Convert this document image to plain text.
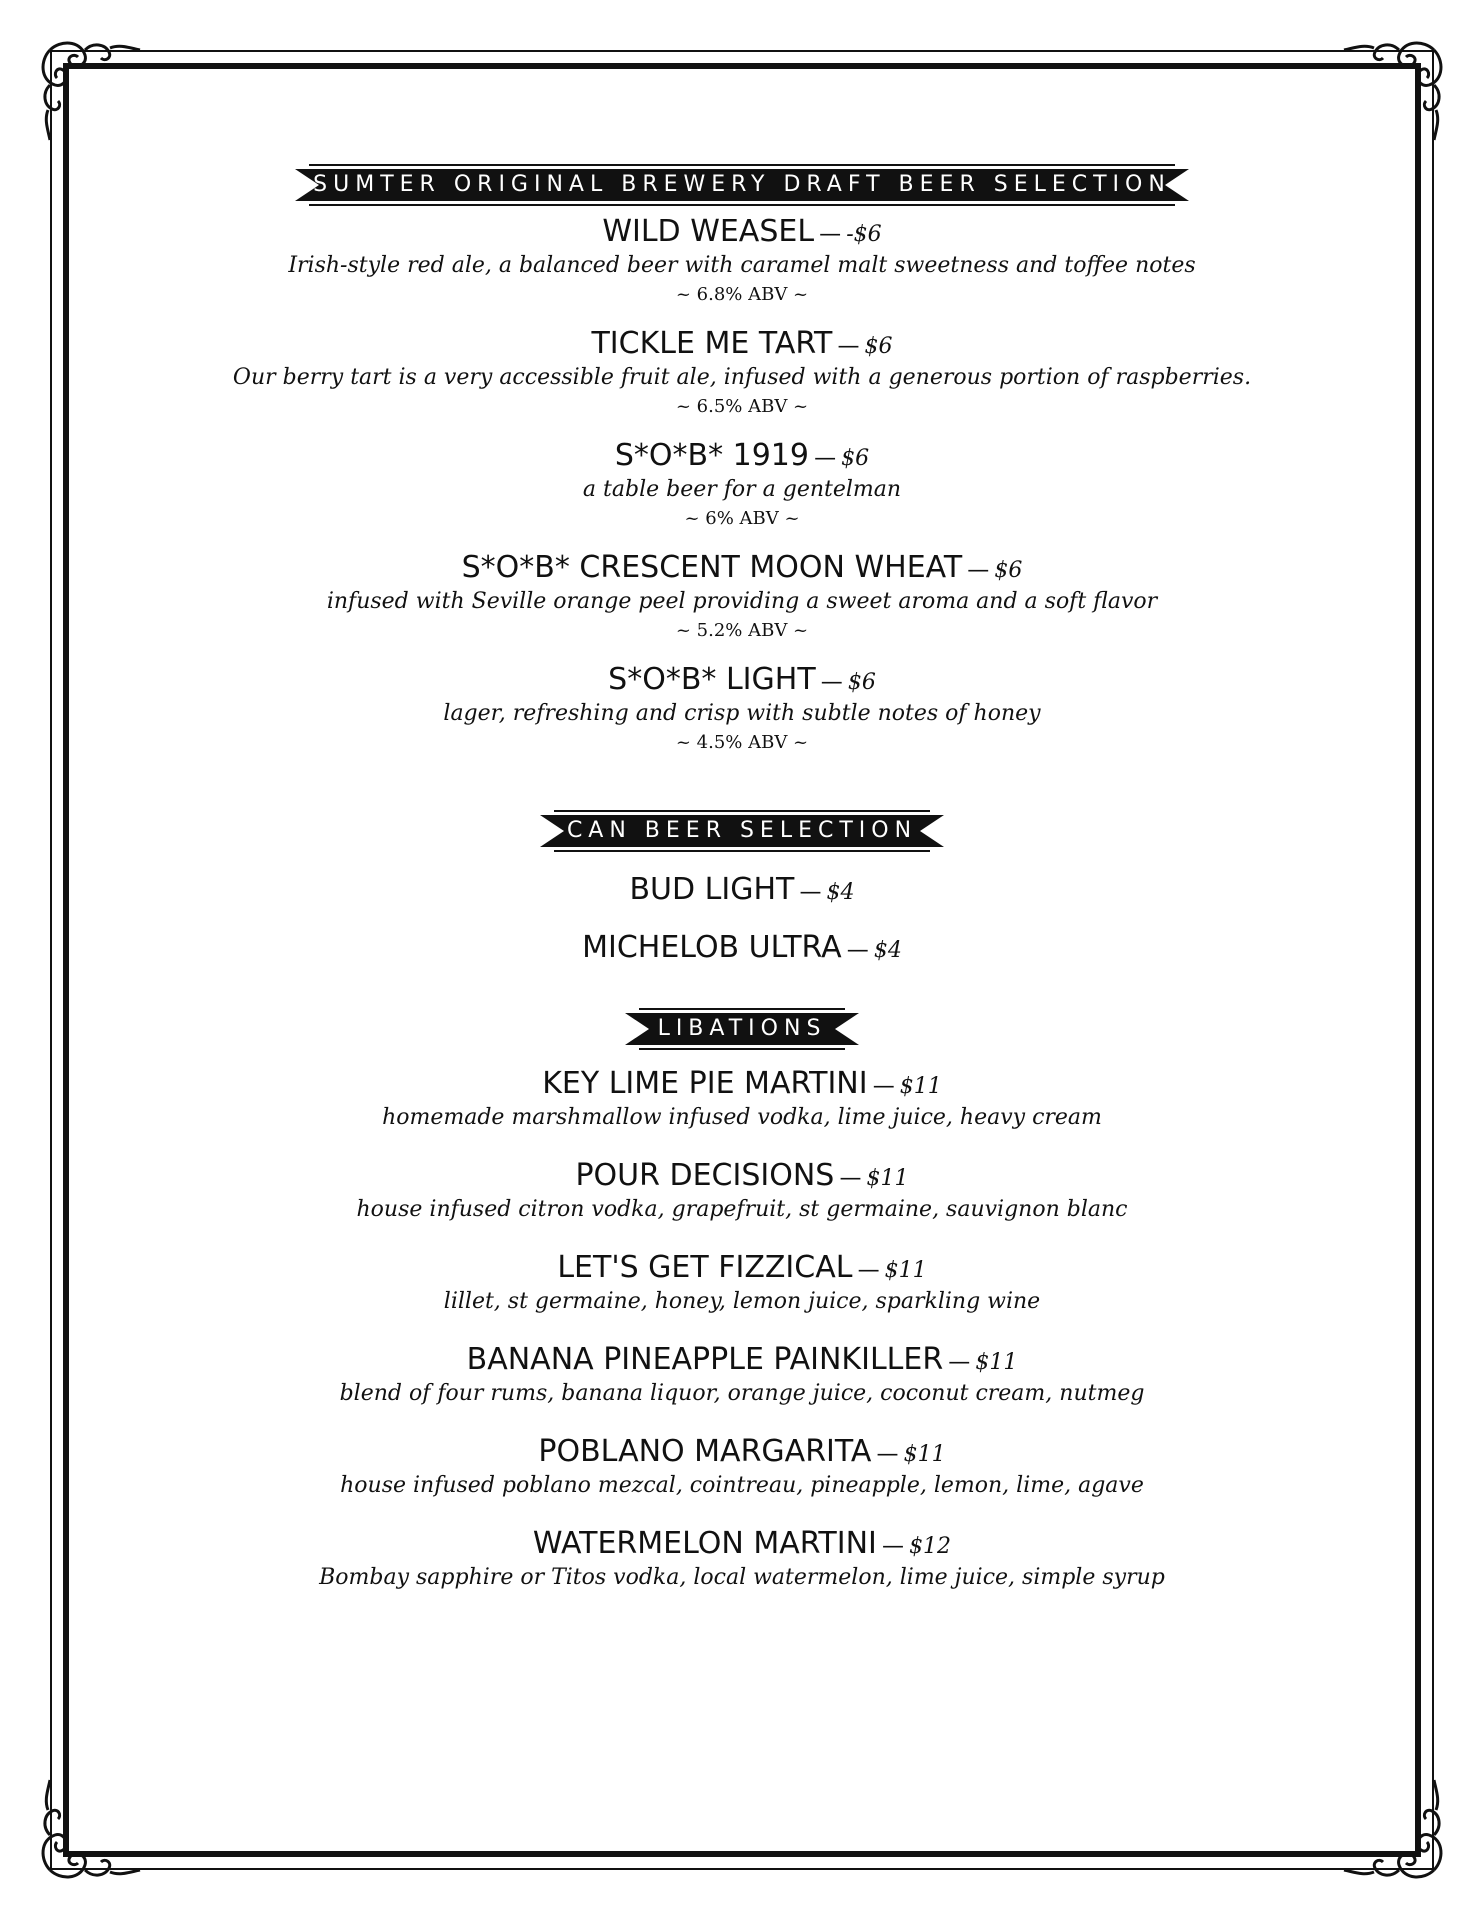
SUMTER ORIGINAL BREWERY DRAFT BEER SELECTION
WILD WEASEL — -$6
Irish-style red ale, a balanced beer with caramel malt sweetness and toffee notes
~ 6.8% ABV ~
TICKLE ME TART — $6
Our berry tart is a very accessible fruit ale, infused with a generous portion of raspberries.
~ 6.5% ABV ~
S*O*B* 1919 — $6
a table beer for a gentelman
~ 6% ABV ~
S*O*B* CRESCENT MOON WHEAT — $6
infused with Seville orange peel providing a sweet aroma and a soft flavor
~ 5.2% ABV ~
S*O*B* LIGHT — $6
lager, refreshing and crisp with subtle notes of honey
~ 4.5% ABV ~
CAN BEER SELECTION
BUD LIGHT — $4
MICHELOB ULTRA — $4
LIBATIONS
KEY LIME PIE MARTINI — $11
homemade marshmallow infused vodka, lime juice, heavy cream
POUR DECISIONS — $11
house infused citron vodka, grapefruit, st germaine, sauvignon blanc
LET'S GET FIZZICAL — $11
lillet, st germaine, honey, lemon juice, sparkling wine
BANANA PINEAPPLE PAINKILLER — $11
blend of four rums, banana liquor, orange juice, coconut cream, nutmeg
POBLANO MARGARITA — $11
house infused poblano mezcal, cointreau, pineapple, lemon, lime, agave
WATERMELON MARTINI — $12
Bombay sapphire or Titos vodka, local watermelon, lime juice, simple syrup
